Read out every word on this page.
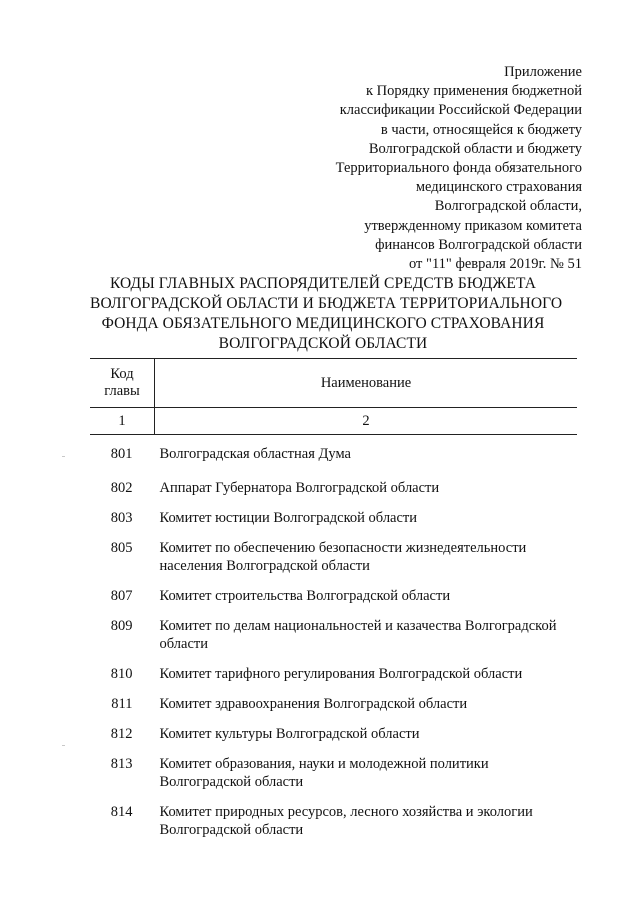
Приложение
к Порядку применения бюджетной
классификации Российской Федерации
в части, относящейся к бюджету
Волгоградской области и бюджету
Территориального фонда обязательного
медицинского страхования
Волгоградской области,
утвержденному приказом комитета
финансов Волгоградской области
от "11" февраля 2019г. № 51
КОДЫ ГЛАВНЫХ РАСПОРЯДИТЕЛЕЙ СРЕДСТВ БЮДЖЕТА
ВОЛГОГРАДСКОЙ ОБЛАСТИ И БЮДЖЕТА ТЕРРИТОРИАЛЬНОГО
ФОНДА ОБЯЗАТЕЛЬНОГО МЕДИЦИНСКОГО СТРАХОВАНИЯ
ВОЛГОГРАДСКОЙ ОБЛАСТИ
Код
главы	Наименование
1	2
801	Волгоградская областная Дума

802	Аппарат Губернатора Волгоградской области

803	Комитет юстиции Волгоградской области

805	Комитет по обеспечению безопасности жизнедеятельности
населения Волгоградской области

807	Комитет строительства Волгоградской области

809	Комитет по делам национальностей и казачества Волгоградской
области

810	Комитет тарифного регулирования Волгоградской области

811	Комитет здравоохранения Волгоградской области

812	Комитет культуры Волгоградской области

813	Комитет образования, науки и молодежной политики
Волгоградской области

814	Комитет природных ресурсов, лесного хозяйства и экологии
Волгоградской области
